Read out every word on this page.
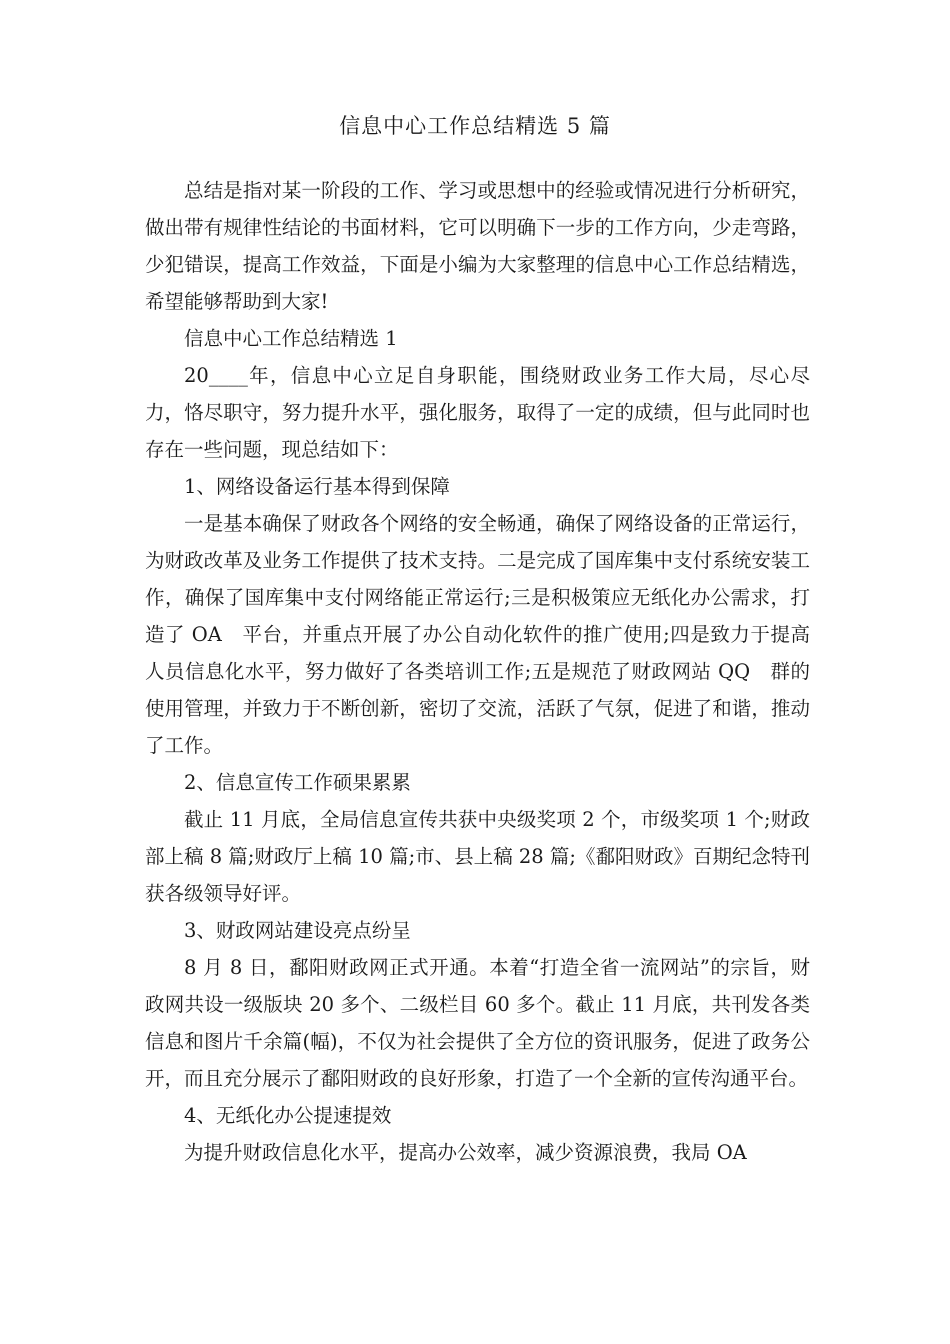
信息中心工作总结精选 5 篇

总结是指对某一阶段的工作、学习或思想中的经验或情况进行分析研究，做出带有规律性结论的书面材料，它可以明确下一步的工作方向，少走弯路，少犯错误，提高工作效益，下面是小编为大家整理的信息中心工作总结精选，希望能够帮助到大家!

信息中心工作总结精选 1

20____年，信息中心立足自身职能，围绕财政业务工作大局，尽心尽力，恪尽职守，努力提升水平，强化服务，取得了一定的成绩，但与此同时也存在一些问题，现总结如下：

1、网络设备运行基本得到保障

一是基本确保了财政各个网络的安全畅通，确保了网络设备的正常运行，为财政改革及业务工作提供了技术支持。二是完成了国库集中支付系统安装工作，确保了国库集中支付网络能正常运行;三是积极策应无纸化办公需求，打造了 OA　平台，并重点开展了办公自动化软件的推广使用;四是致力于提高人员信息化水平，努力做好了各类培训工作;五是规范了财政网站 QQ　群的使用管理，并致力于不断创新，密切了交流，活跃了气氛，促进了和谐，推动了工作。

2、信息宣传工作硕果累累

截止 11 月底，全局信息宣传共获中央级奖项 2 个，市级奖项 1 个;财政部上稿 8 篇;财政厅上稿 10 篇;市、县上稿 28 篇;《鄱阳财政》百期纪念特刊获各级领导好评。

3、财政网站建设亮点纷呈

8 月 8 日，鄱阳财政网正式开通。本着“打造全省一流网站”的宗旨，财政网共设一级版块 20 多个、二级栏目 60 多个。截止 11 月底，共刊发各类信息和图片千余篇(幅)，不仅为社会提供了全方位的资讯服务，促进了政务公开，而且充分展示了鄱阳财政的良好形象，打造了一个全新的宣传沟通平台。

4、无纸化办公提速提效

为提升财政信息化水平，提高办公效率，减少资源浪费，我局 OA
